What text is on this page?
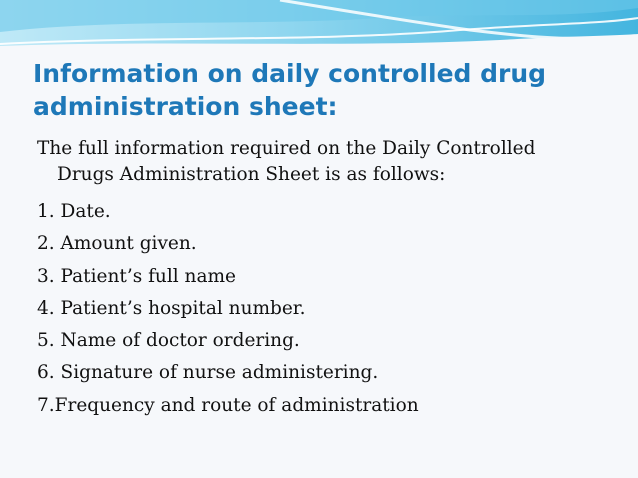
Information on daily controlled drug
administration sheet:

The full information required on the Daily Controlled
Drugs Administration Sheet is as follows:

1. Date.
2. Amount given.
3. Patient’s full name
4. Patient’s hospital number.
5. Name of doctor ordering.
6. Signature of nurse administering.
7.Frequency and route of administration
